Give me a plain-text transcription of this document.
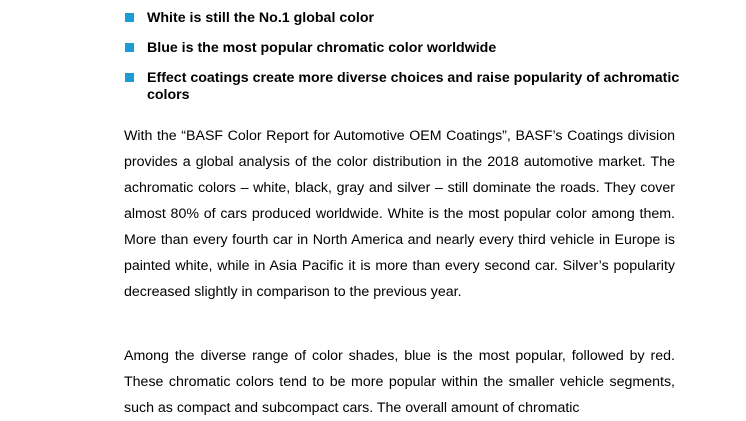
White is still the No.1 global color
Blue is the most popular chromatic color worldwide
Effect coatings create more diverse choices and raise popularity of achromatic colors

With the “BASF Color Report for Automotive OEM Coatings”, BASF’s Coatings division provides a global analysis of the color distribution in the 2018 automotive market. The achromatic colors – white, black, gray and silver – still dominate the roads. They cover almost 80% of cars produced worldwide. White is the most popular color among them. More than every fourth car in North America and nearly every third vehicle in Europe is painted white, while in Asia Pacific it is more than every second car. Silver’s popularity decreased slightly in comparison to the previous year.

Among the diverse range of color shades, blue is the most popular, followed by red. These chromatic colors tend to be more popular within the smaller vehicle segments, such as compact and subcompact cars. The overall amount of chromatic
